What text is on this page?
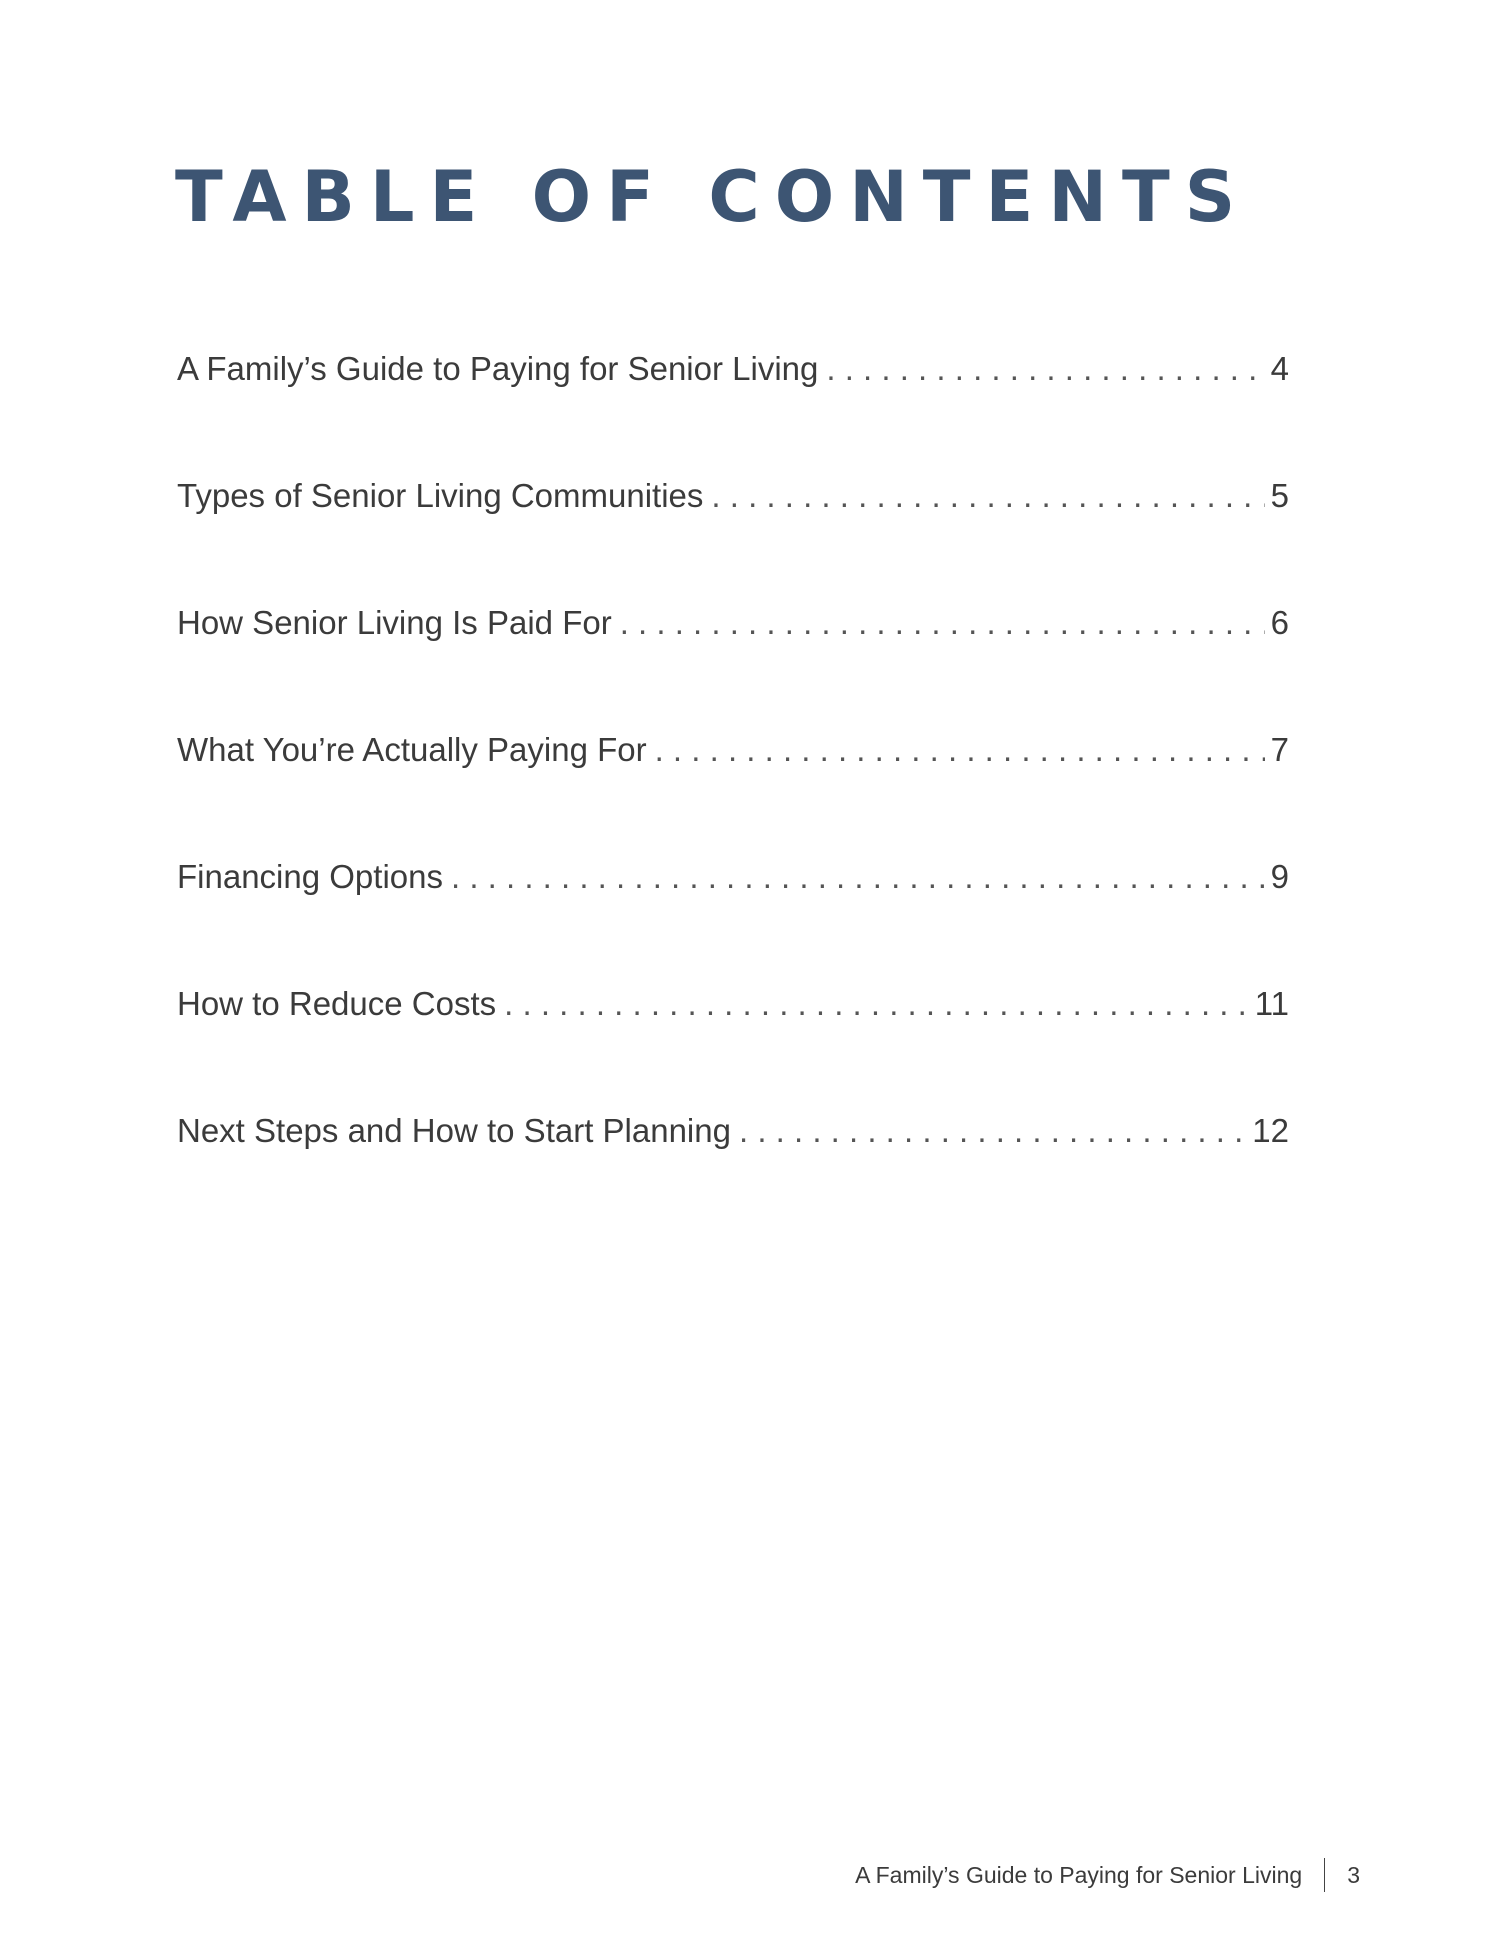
TABLE OF CONTENTS
A Family’s Guide to Paying for Senior Living . . .	4
Types of Senior Living Communities . . .	5
How Senior Living Is Paid For . . .	6
What You’re Actually Paying For . . .	7
Financing Options . . .	9
How to Reduce Costs . . .	11
Next Steps and How to Start Planning . . .	12
A Family’s Guide to Paying for Senior Living 3
